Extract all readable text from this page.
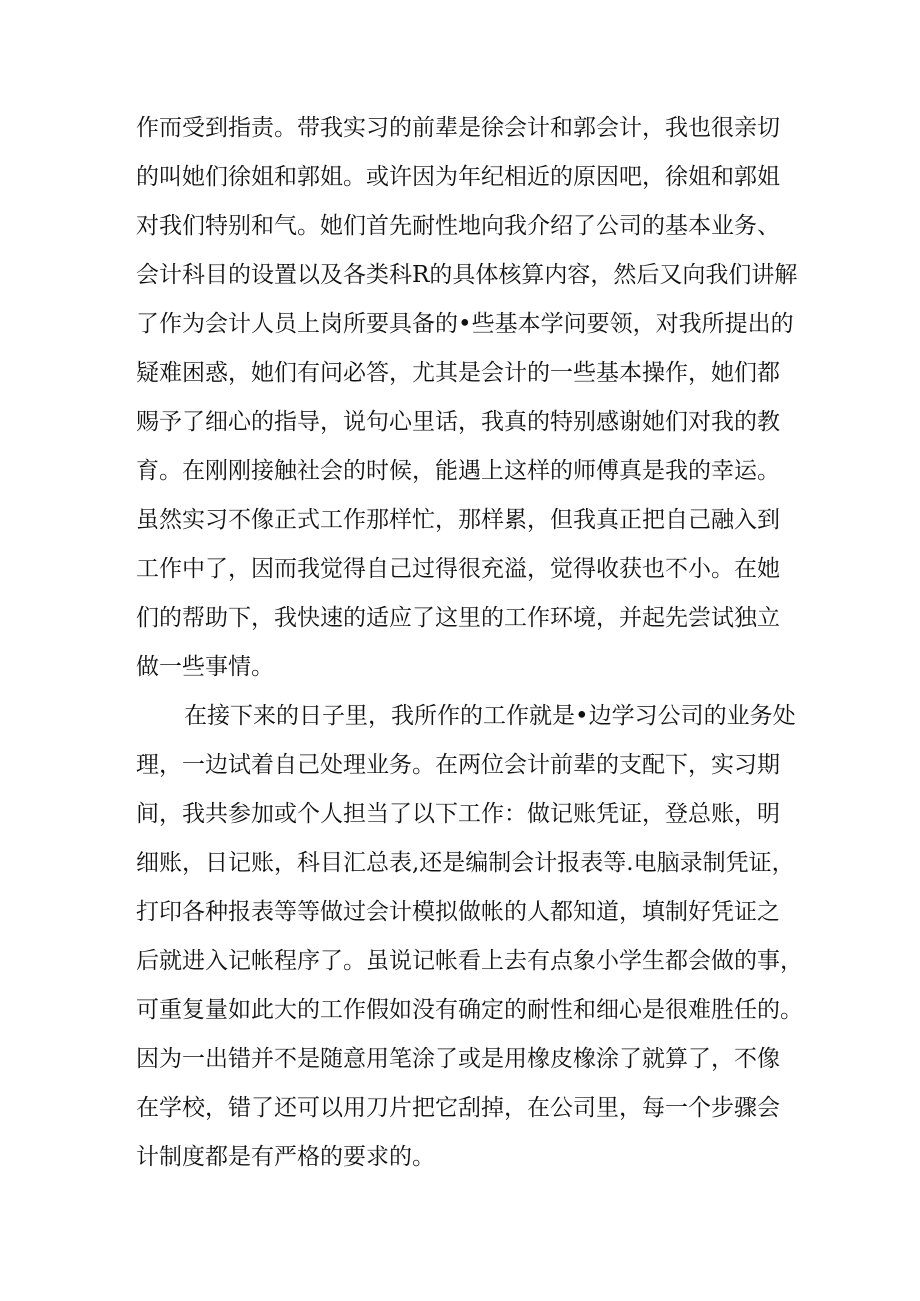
作而受到指责。带我实习的前辈是徐会计和郭会计，我也很亲切
的叫她们徐姐和郭姐。或许因为年纪相近的原因吧，徐姐和郭姐
对我们特别和气。她们首先耐性地向我介绍了公司的基本业务、
会计科目的设置以及各类科R的具体核算内容，然后又向我们讲解
了作为会计人员上岗所要具备的•些基本学问要领，对我所提出的
疑难困惑，她们有问必答，尤其是会计的一些基本操作，她们都
赐予了细心的指导，说句心里话，我真的特别感谢她们对我的教
育。在刚刚接触社会的时候，能遇上这样的师傅真是我的幸运。
虽然实习不像正式工作那样忙，那样累，但我真正把自己融入到
工作中了，因而我觉得自己过得很充溢，觉得收获也不小。在她
们的帮助下，我快速的适应了这里的工作环境，并起先尝试独立
做一些事情。
在接下来的日子里，我所作的工作就是•边学习公司的业务处
理，一边试着自己处理业务。在两位会计前辈的支配下，实习期
间，我共参加或个人担当了以下工作：做记账凭证，登总账，明
细账，日记账，科目汇总表,还是编制会计报表等.电脑录制凭证，
打印各种报表等等做过会计模拟做帐的人都知道，填制好凭证之
后就进入记帐程序了。虽说记帐看上去有点象小学生都会做的事，
可重复量如此大的工作假如没有确定的耐性和细心是很难胜任的。
因为一出错并不是随意用笔涂了或是用橡皮橡涂了就算了，不像
在学校，错了还可以用刀片把它刮掉，在公司里，每一个步骤会
计制度都是有严格的要求的。
